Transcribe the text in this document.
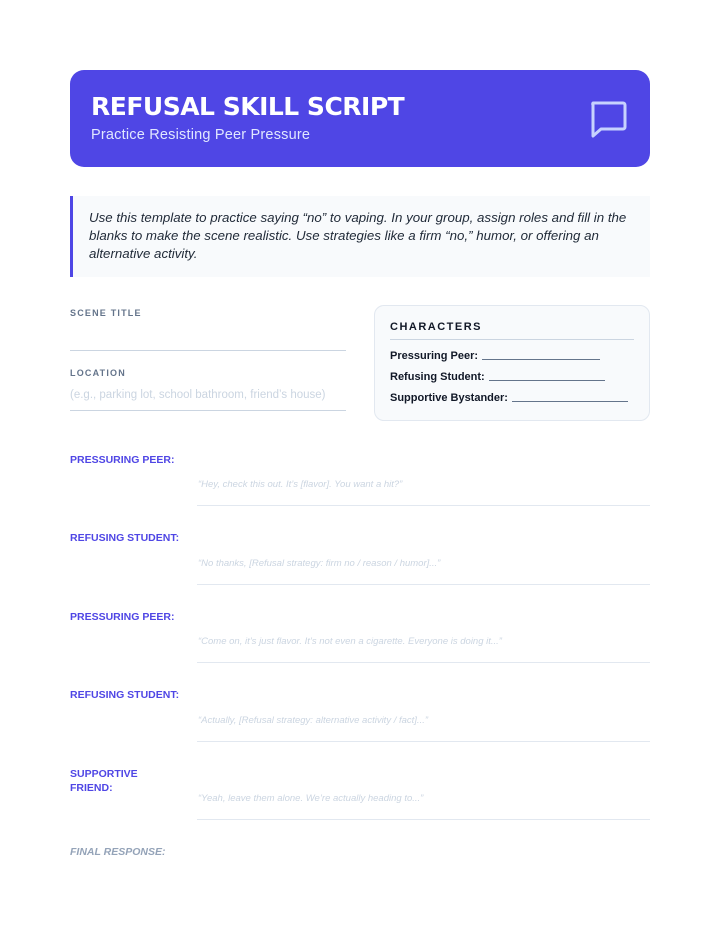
REFUSAL SKILL SCRIPT
Practice Resisting Peer Pressure
Use this template to practice saying “no” to vaping. In your group, assign roles and fill in the blanks to make the scene realistic. Use strategies like a firm “no,” humor, or offering an alternative activity.
SCENE TITLE
LOCATION
(e.g., parking lot, school bathroom, friend’s house)
CHARACTERS
Pressuring Peer:
Refusing Student:
Supportive Bystander:
PRESSURING PEER:
“Hey, check this out. It’s [flavor]. You want a hit?”
REFUSING STUDENT:
“No thanks, [Refusal strategy: firm no / reason / humor]...”
PRESSURING PEER:
“Come on, it’s just flavor. It’s not even a cigarette. Everyone is doing it...”
REFUSING STUDENT:
“Actually, [Refusal strategy: alternative activity / fact]...”
SUPPORTIVE FRIEND:
“Yeah, leave them alone. We’re actually heading to...”
FINAL RESPONSE:
